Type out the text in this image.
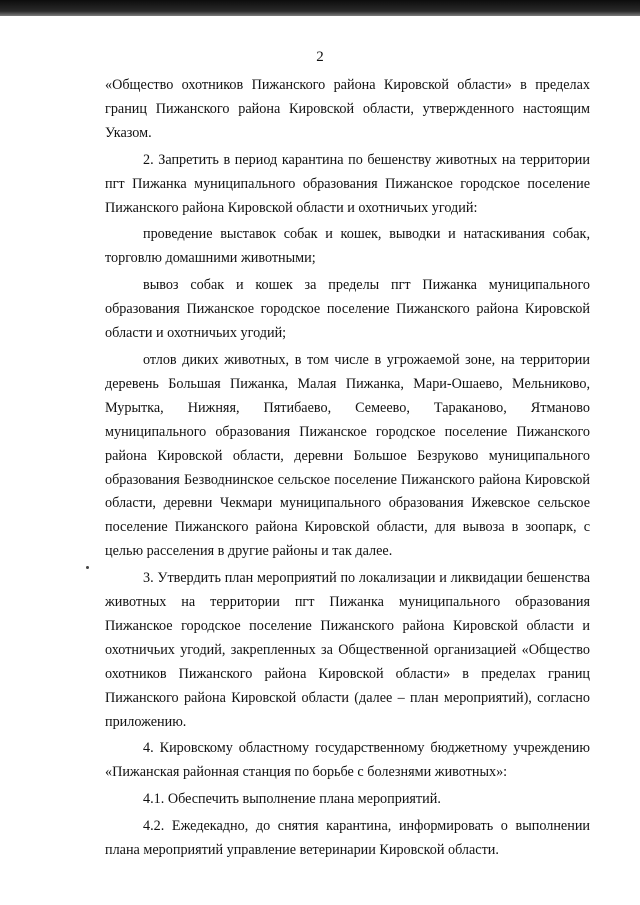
2

«Общество охотников Пижанского района Кировской области» в пределах границ Пижанского района Кировской области, утвержденного настоящим Указом.

2. Запретить в период карантина по бешенству животных на территории пгт Пижанка муниципального образования Пижанское городское поселение Пижанского района Кировской области и охотничьих угодий:

проведение выставок собак и кошек, выводки и натаскивания собак, торговлю домашними животными;

вывоз собак и кошек за пределы пгт Пижанка муниципального образования Пижанское городское поселение Пижанского района Кировской области и охотничьих угодий;

отлов диких животных, в том числе в угрожаемой зоне, на территории деревень Большая Пижанка, Малая Пижанка, Мари-Ошаево, Мельниково, Мурытка, Нижняя, Пятибаево, Семеево, Тараканово, Ятманово муниципального образования Пижанское городское поселение Пижанского района Кировской области, деревни Большое Безруково муниципального образования Безводнинское сельское поселение Пижанского района Кировской области, деревни Чекмари муниципального образования Ижевское сельское поселение Пижанского района Кировской области, для вывоза в зоопарк, с целью расселения в другие районы и так далее.

3. Утвердить план мероприятий по локализации и ликвидации бешенства животных на территории пгт Пижанка муниципального образования Пижанское городское поселение Пижанского района Кировской области и охотничьих угодий, закрепленных за Общественной организацией «Общество охотников Пижанского района Кировской области» в пределах границ Пижанского района Кировской области (далее – план мероприятий), согласно приложению.

4. Кировскому областному государственному бюджетному учреждению «Пижанская районная станция по борьбе с болезнями животных»:

4.1. Обеспечить выполнение плана мероприятий.

4.2. Ежедекадно, до снятия карантина, информировать о выполнении плана мероприятий управление ветеринарии Кировской области.
